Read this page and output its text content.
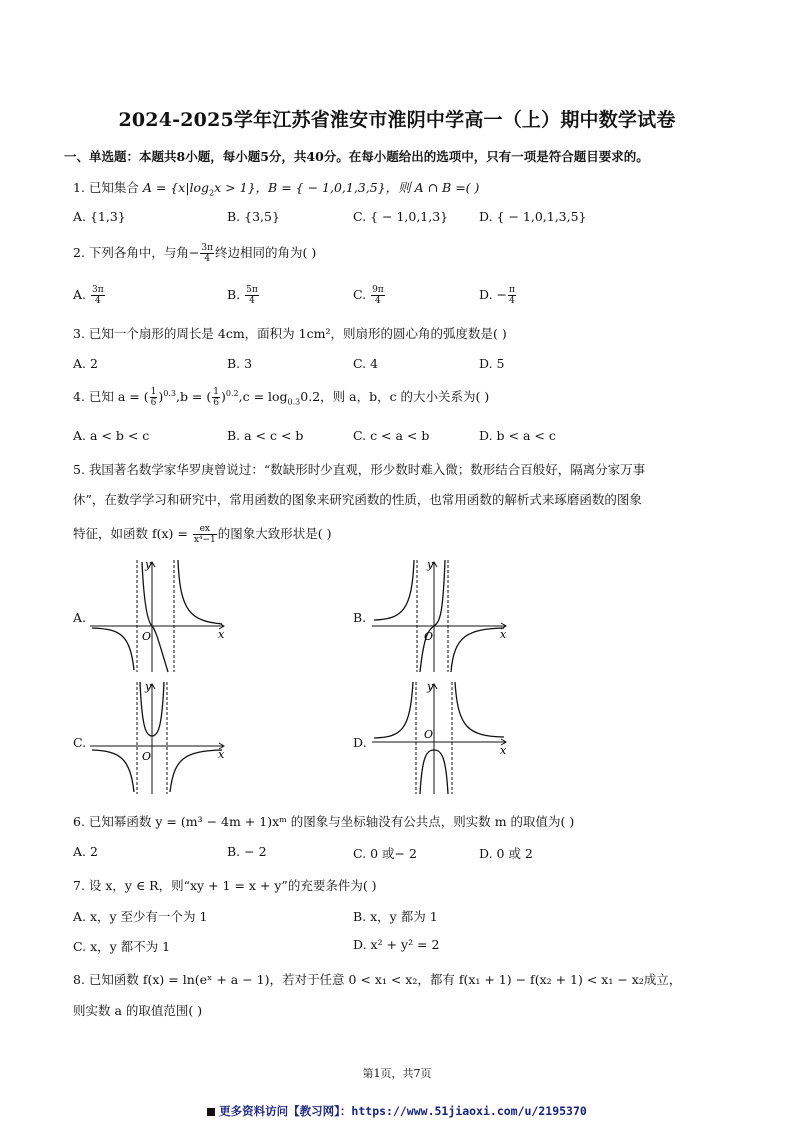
2024-2025学年江苏省淮安市淮阴中学高一（上）期中数学试卷
一、单选题：本题共8小题，每小题5分，共40分。在每小题给出的选项中，只有一项是符合题目要求的。
1. 已知集合 $A = \{x|\log_2x > 1\}$，B = { − 1,0,1,3,5}，则 A ∩ B =( )
A. {1,3}	B. {3,5}	C. { − 1,0,1,3} D. { − 1,0,1,3,5}
2. 下列各角中，与角− $\frac{3\pi}{4}$ 终边相同的角为( )
A. $\frac{3\pi}{4}$	B. $\frac{5\pi}{4}$	C. $\frac{9\pi}{4}$	D. − $\frac{\pi}{4}$
3. 已知一个扇形的周长是 4cm，面积为 1cm²，则扇形的圆心角的弧度数是( )
A. 2	B. 3	C. 4	D. 5
4. 已知 a = ( $\frac{1}{6} )^{0.3},b$ = ( $\frac{1}{6} )^{0.2},c = \log_{0.3}0.2$，则 a，b，c 的大小关系为( )
A. a < b < c	B. a < c < b	C. c < a < b	D. b < a < c
5. 我国著名数学家华罗庚曾说过：“数缺形时少直观，形少数时难入微；数形结合百般好，隔离分家万事
休”，在数学学习和研究中，常用函数的图象来研究函数的性质，也常用函数的解析式来琢磨函数的图象
特征，如函数 $f(x) = \frac{ex}{\text{x⁴−1}}$ 的图象大致形状是( )
A.	B.
C.	D.
y
x
O
y
x
O
y
x
O
y
x
O
6. 已知幂函数 y = (m³ − 4m + 1)xᵐ 的图象与坐标轴没有公共点，则实数 m 的取值为( )
A. 2	B. − 2	C. 0 或− 2	D. 0 或 2
7. 设 x，y ∈ R，则“xy + 1 = x + y”的充要条件为( )
A. x，y 至少有一个为 1	B. x，y 都为 1
C. x，y 都不为 1	D. x² + y² = 2
8. 已知函数 f(x) = ln(eˣ + a − 1)，若对于任意 0 < x₁ < x₂，都有 f(x₁ + 1) − f(x₂ + 1) < x₁ − x₂成立，
则实数 a 的取值范围( )
第1页，共7页
更多资料访问【教习网】：https://www.51jiaoxi.com/u/2195370
